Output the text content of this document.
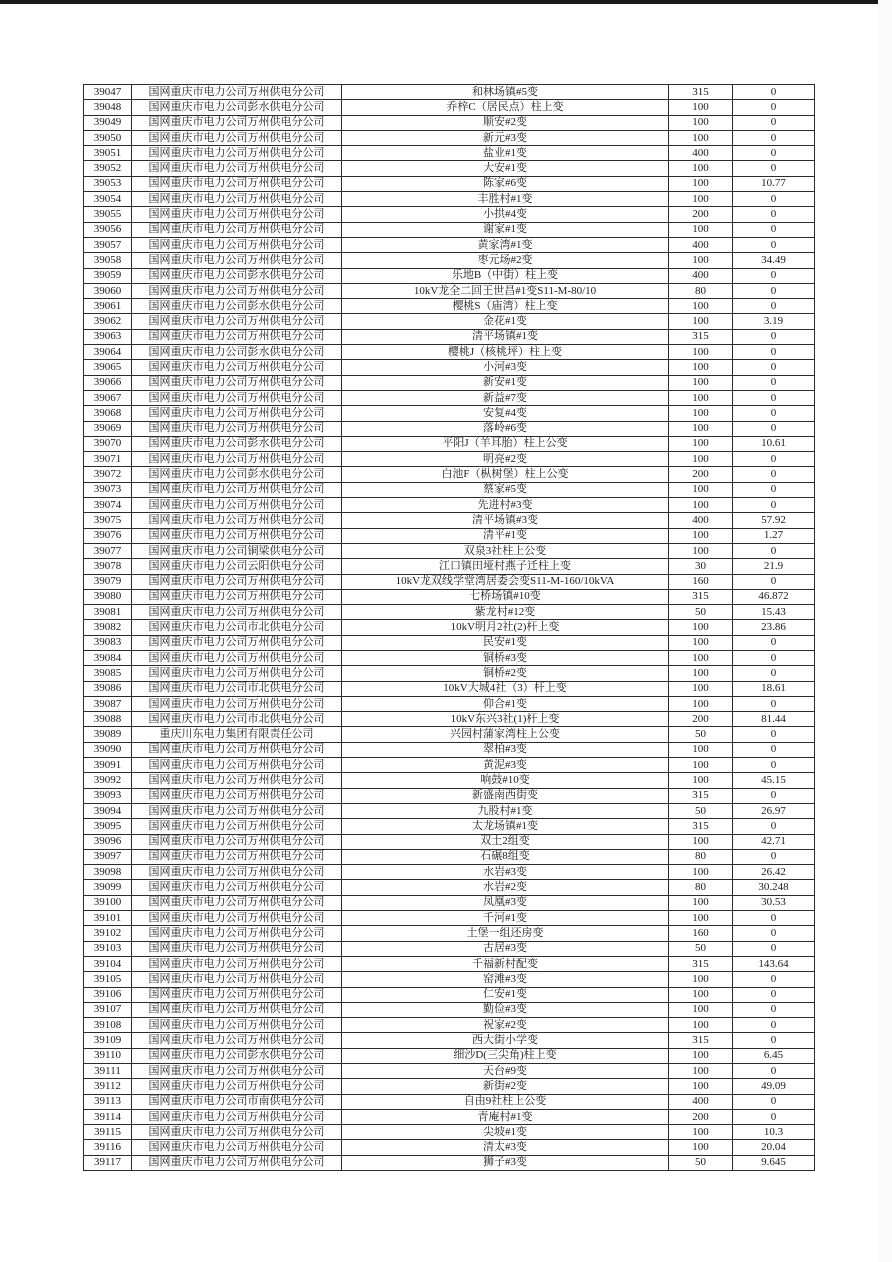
39047	国网重庆市电力公司万州供电分公司	和林场镇#5变	315	0
39048	国网重庆市电力公司彭水供电分公司	乔梓C（居民点）柱上变	100	0
39049	国网重庆市电力公司万州供电分公司	顺安#2变	100	0
39050	国网重庆市电力公司万州供电分公司	新元#3变	100	0
39051	国网重庆市电力公司万州供电分公司	盐业#1变	400	0
39052	国网重庆市电力公司万州供电分公司	大安#1变	100	0
39053	国网重庆市电力公司万州供电分公司	陈家#6变	100	10.77
39054	国网重庆市电力公司万州供电分公司	丰胜村#1变	100	0
39055	国网重庆市电力公司万州供电分公司	小拱#4变	200	0
39056	国网重庆市电力公司万州供电分公司	谢家#1变	100	0
39057	国网重庆市电力公司万州供电分公司	黄家湾#1变	400	0
39058	国网重庆市电力公司万州供电分公司	枣元场#2变	100	34.49
39059	国网重庆市电力公司彭水供电分公司	乐地B（中街）柱上变	400	0
39060	国网重庆市电力公司万州供电分公司	10kV龙全二回王世昌#1变S11-M-80/10	80	0
39061	国网重庆市电力公司彭水供电分公司	樱桃S（庙湾）柱上变	100	0
39062	国网重庆市电力公司万州供电分公司	金花#1变	100	3.19
39063	国网重庆市电力公司万州供电分公司	清平场镇#1变	315	0
39064	国网重庆市电力公司彭水供电分公司	樱桃J（核桃坪）柱上变	100	0
39065	国网重庆市电力公司万州供电分公司	小河#3变	100	0
39066	国网重庆市电力公司万州供电分公司	新安#1变	100	0
39067	国网重庆市电力公司万州供电分公司	新益#7变	100	0
39068	国网重庆市电力公司万州供电分公司	安复#4变	100	0
39069	国网重庆市电力公司万州供电分公司	落岭#6变	100	0
39070	国网重庆市电力公司彭水供电分公司	平阳J（羊耳胎）柱上公变	100	10.61
39071	国网重庆市电力公司万州供电分公司	明亮#2变	100	0
39072	国网重庆市电力公司彭水供电分公司	白池F（枞树堡）柱上公变	200	0
39073	国网重庆市电力公司万州供电分公司	蔡家#5变	100	0
39074	国网重庆市电力公司万州供电分公司	先进村#3变	100	0
39075	国网重庆市电力公司万州供电分公司	清平场镇#3变	400	57.92
39076	国网重庆市电力公司万州供电分公司	清平#1变	100	1.27
39077	国网重庆市电力公司铜梁供电分公司	双泉3社柱上公变	100	0
39078	国网重庆市电力公司云阳供电分公司	江口镇田垭村燕子迁柱上变	30	21.9
39079	国网重庆市电力公司万州供电分公司	10kV龙双线学堂湾居委会变S11-M-160/10kVA	160	0
39080	国网重庆市电力公司万州供电分公司	七桥场镇#10变	315	46.872
39081	国网重庆市电力公司万州供电分公司	紫龙村#12变	50	15.43
39082	国网重庆市电力公司市北供电分公司	10kV明月2社(2)杆上变	100	23.86
39083	国网重庆市电力公司万州供电分公司	民安#1变	100	0
39084	国网重庆市电力公司万州供电分公司	铜桥#3变	100	0
39085	国网重庆市电力公司万州供电分公司	铜桥#2变	100	0
39086	国网重庆市电力公司市北供电分公司	10kV大城4社（3）杆上变	100	18.61
39087	国网重庆市电力公司万州供电分公司	仰合#1变	100	0
39088	国网重庆市电力公司市北供电分公司	10kV东兴3社(1)杆上变	200	81.44
39089	重庆川东电力集团有限责任公司	兴园村蒲家湾柱上公变	50	0
39090	国网重庆市电力公司万州供电分公司	翠柏#3变	100	0
39091	国网重庆市电力公司万州供电分公司	黄泥#3变	100	0
39092	国网重庆市电力公司万州供电分公司	响鼓#10变	100	45.15
39093	国网重庆市电力公司万州供电分公司	新盛南西街变	315	0
39094	国网重庆市电力公司万州供电分公司	九股村#1变	50	26.97
39095	国网重庆市电力公司万州供电分公司	太龙场镇#1变	315	0
39096	国网重庆市电力公司万州供电分公司	双土2组变	100	42.71
39097	国网重庆市电力公司万州供电分公司	石碾8组变	80	0
39098	国网重庆市电力公司万州供电分公司	水岩#3变	100	26.42
39099	国网重庆市电力公司万州供电分公司	水岩#2变	80	30.248
39100	国网重庆市电力公司万州供电分公司	凤凰#3变	100	30.53
39101	国网重庆市电力公司万州供电分公司	千河#1变	100	0
39102	国网重庆市电力公司万州供电分公司	土堡一组还房变	160	0
39103	国网重庆市电力公司万州供电分公司	古居#3变	50	0
39104	国网重庆市电力公司万州供电分公司	千福新村配变	315	143.64
39105	国网重庆市电力公司万州供电分公司	窑滩#3变	100	0
39106	国网重庆市电力公司万州供电分公司	仁安#1变	100	0
39107	国网重庆市电力公司万州供电分公司	勤俭#3变	100	0
39108	国网重庆市电力公司万州供电分公司	祝家#2变	100	0
39109	国网重庆市电力公司万州供电分公司	西大街小学变	315	0
39110	国网重庆市电力公司彭水供电分公司	细沙D(三尖角)柱上变	100	6.45
39111	国网重庆市电力公司万州供电分公司	天台#9变	100	0
39112	国网重庆市电力公司万州供电分公司	新街#2变	100	49.09
39113	国网重庆市电力公司市南供电分公司	自由9社柱上公变	400	0
39114	国网重庆市电力公司万州供电分公司	青庵村#1变	200	0
39115	国网重庆市电力公司万州供电分公司	尖坡#1变	100	10.3
39116	国网重庆市电力公司万州供电分公司	清太#3变	100	20.04
39117	国网重庆市电力公司万州供电分公司	狮子#3变	50	9.645
